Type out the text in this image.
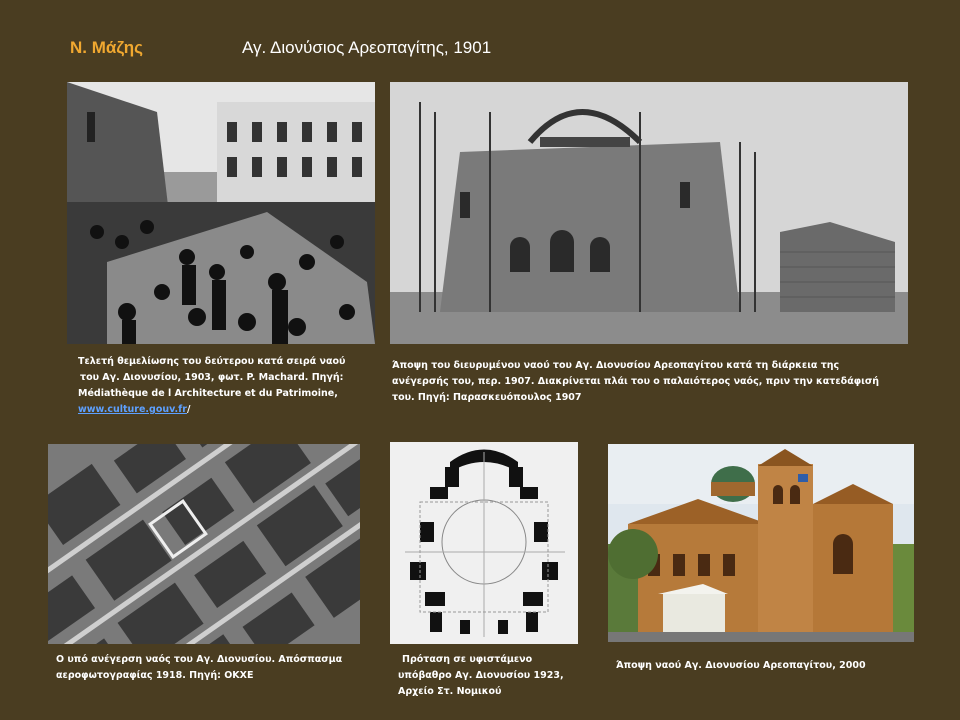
Ν. Μάζης	Αγ. Διονύσιος Αρεοπαγίτης, 1901
Τελετή θεμελίωσης του δεύτερου κατά σειρά ναού
του Αγ. Διονυσίου, 1903, φωτ. P. Machard. Πηγή:
Médiathèque de l Architecture et du Patrimoine,
www.culture.gouv.fr/
Άποψη του διευρυμένου ναού του Αγ. Διονυσίου Αρεοπαγίτου κατά τη διάρκεια της
ανέγερσής του, περ. 1907. Διακρίνεται πλάι του ο παλαιότερος ναός, πριν την κατεδάφισή
του. Πηγή: Παρασκευόπουλος 1907
Ο υπό ανέγερση ναός του Αγ. Διονυσίου. Απόσπασμα
αεροφωτογραφίας 1918. Πηγή: ΟΚΧΕ
Πρόταση σε υφιστάμενο
υπόβαθρο Αγ. Διονυσίου 1923,
Αρχείο Στ. Νομικού
Άποψη ναού Αγ. Διονυσίου Αρεοπαγίτου, 2000
